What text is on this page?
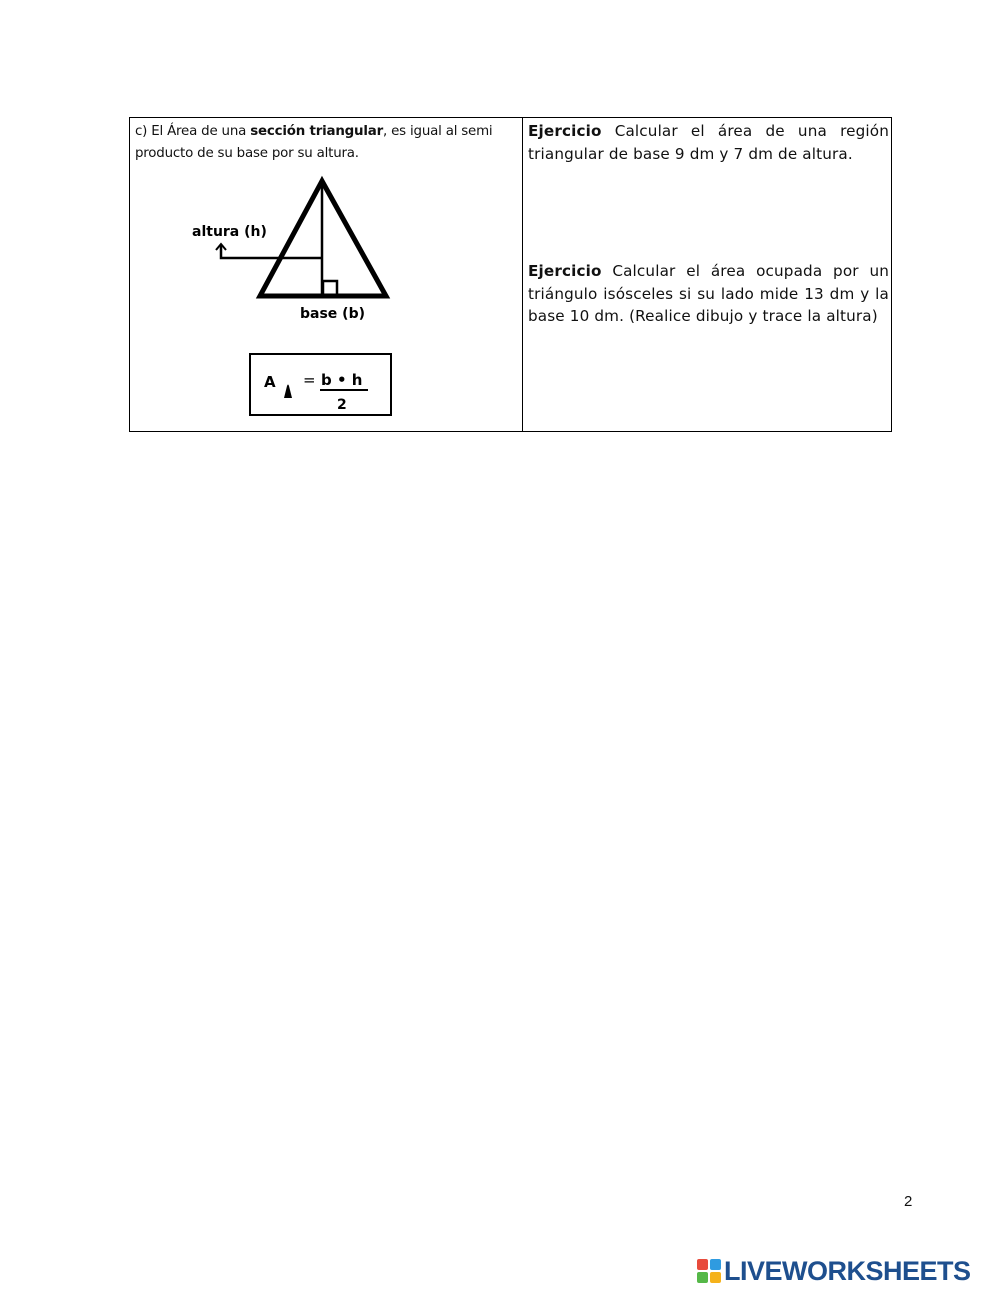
c) El Área de una sección triangular, es igual al semi producto de su base por su altura.
Ejercicio Calcular el área de una región triangular de base 9 dm y 7 dm de altura.
Ejercicio Calcular el área ocupada por un triángulo isósceles si su lado mide 13 dm y la base 10 dm. (Realice dibujo y trace la altura)
altura (h)
base (b)
A = b • h
2
2
LIVEWORKSHEETS
